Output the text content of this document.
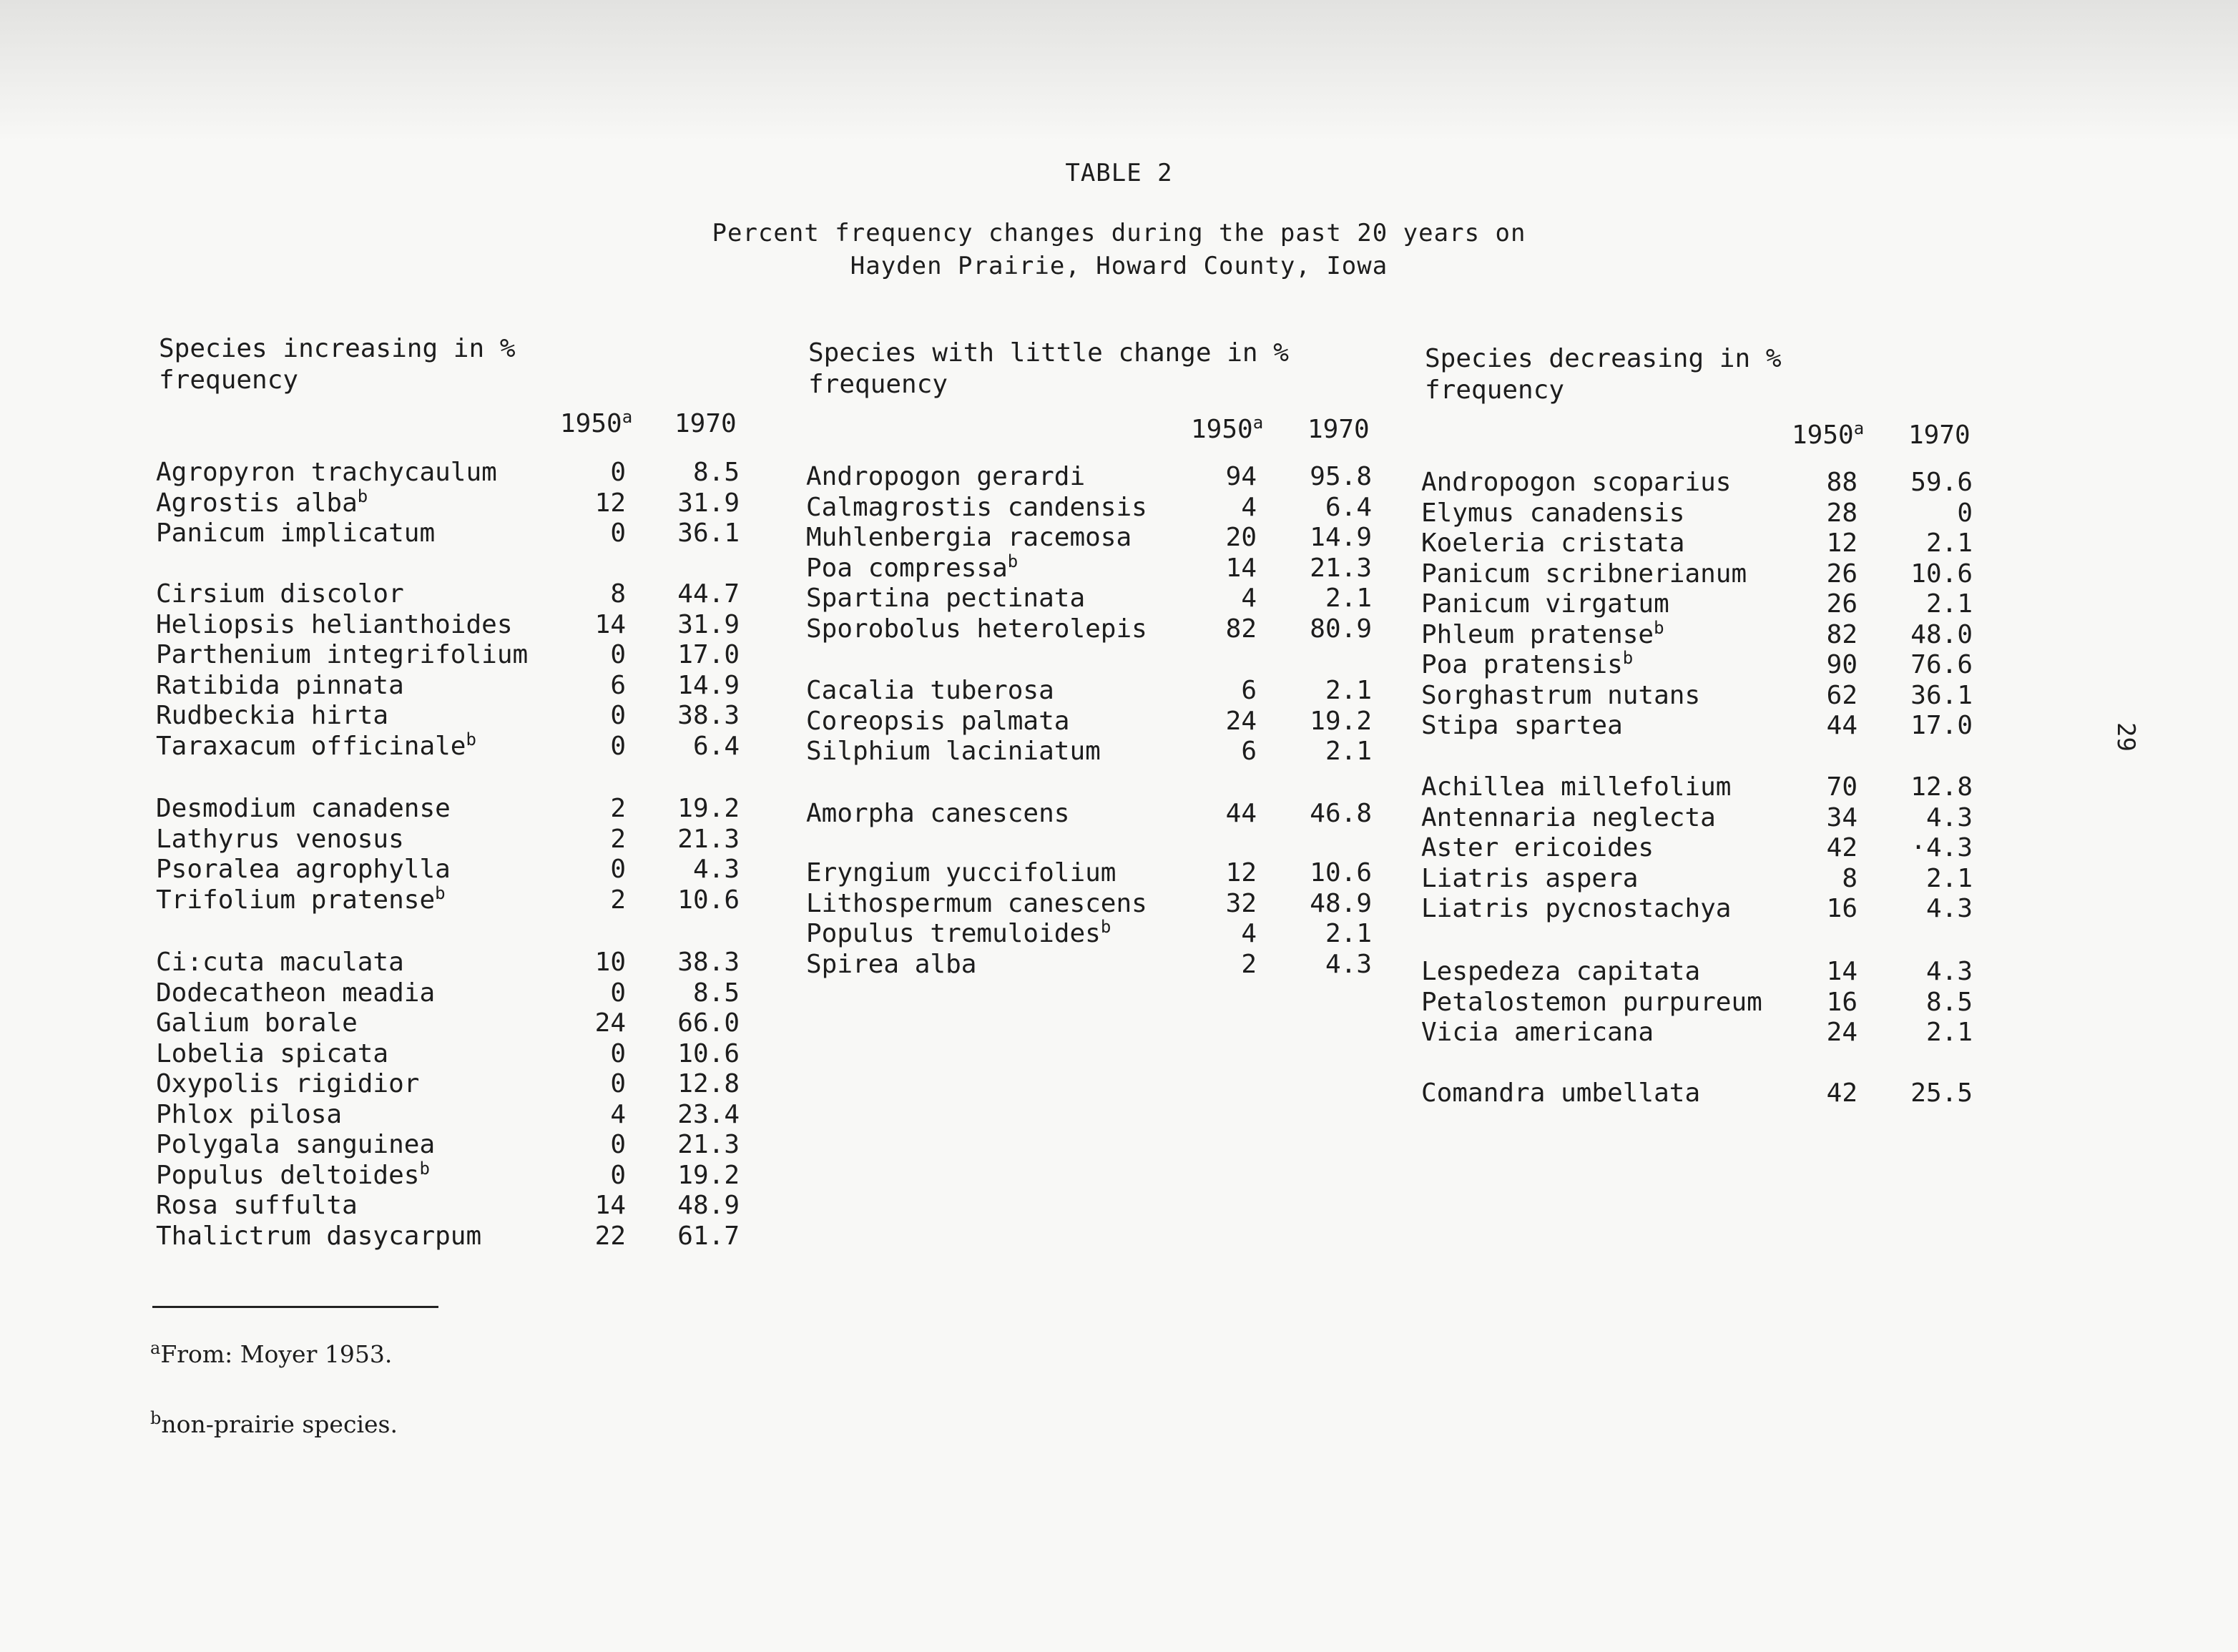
TABLE 2
Percent frequency changes during the past 20 years on
Hayden Prairie, Howard County, Iowa
Species increasing in %
frequency
1950$^a$ 1970
Species with little change in %
frequency
1950$^a$ 1970
Species decreasing in %
frequency
1950$^a$ 1970
$^a$From: Moyer 1953.
$^b$non-prairie species.
29
Agropyron trachycaulum	0	8.5
Agrostis alba$^b$	12 31.9
Panicum implicatum	0 36.1
Cirsium discolor	8 44.7
Heliopsis helianthoides	14 31.9
Parthenium integrifolium	0 17.0
Ratibida pinnata	6 14.9
Rudbeckia hirta	0 38.3
Taraxacum officinale$^b$	0	6.4
Desmodium canadense	2 19.2
Lathyrus venosus	2 21.3
Psoralea agrophylla	0	4.3
Trifolium pratense$^b$	2 10.6
Ci:cuta maculata	10 38.3
Dodecatheon meadia	0	8.5
Galium borale	24 66.0
Lobelia spicata	0 10.6
Oxypolis rigidior	0 12.8
Phlox pilosa	4 23.4
Polygala sanguinea	0 21.3
Populus deltoides$^b$	0 19.2
Rosa suffulta	14 48.9
Thalictrum dasycarpum	22 61.7
Andropogon gerardi	94 95.8
Calmagrostis candensis	4	6.4
Muhlenbergia racemosa	20 14.9
Poa compressa$^b$	14 21.3
Spartina pectinata	4	2.1
Sporobolus heterolepis	82 80.9
Cacalia tuberosa	6	2.1
Coreopsis palmata	24 19.2
Silphium laciniatum	6	2.1
Amorpha canescens	44 46.8
Eryngium yuccifolium	12 10.6
Lithospermum canescens	32 48.9
Populus tremuloides$^b$	4	2.1
Spirea alba	2	4.3
Andropogon scoparius	88 59.6
Elymus canadensis	28	0
Koeleria cristata	12	2.1
Panicum scribnerianum	26 10.6
Panicum virgatum	26	2.1
Phleum pratense$^b$	82 48.0
Poa pratensis$^b$	90 76.6
Sorghastrum nutans	62 36.1
Stipa spartea	44 17.0
Achillea millefolium	70 12.8
Antennaria neglecta	34	4.3
Aster ericoides	42 ·4.3
Liatris aspera	8	2.1
Liatris pycnostachya	16	4.3
Lespedeza capitata	14	4.3
Petalostemon purpureum 16	8.5
Vicia americana	24	2.1
Comandra umbellata	42 25.5
